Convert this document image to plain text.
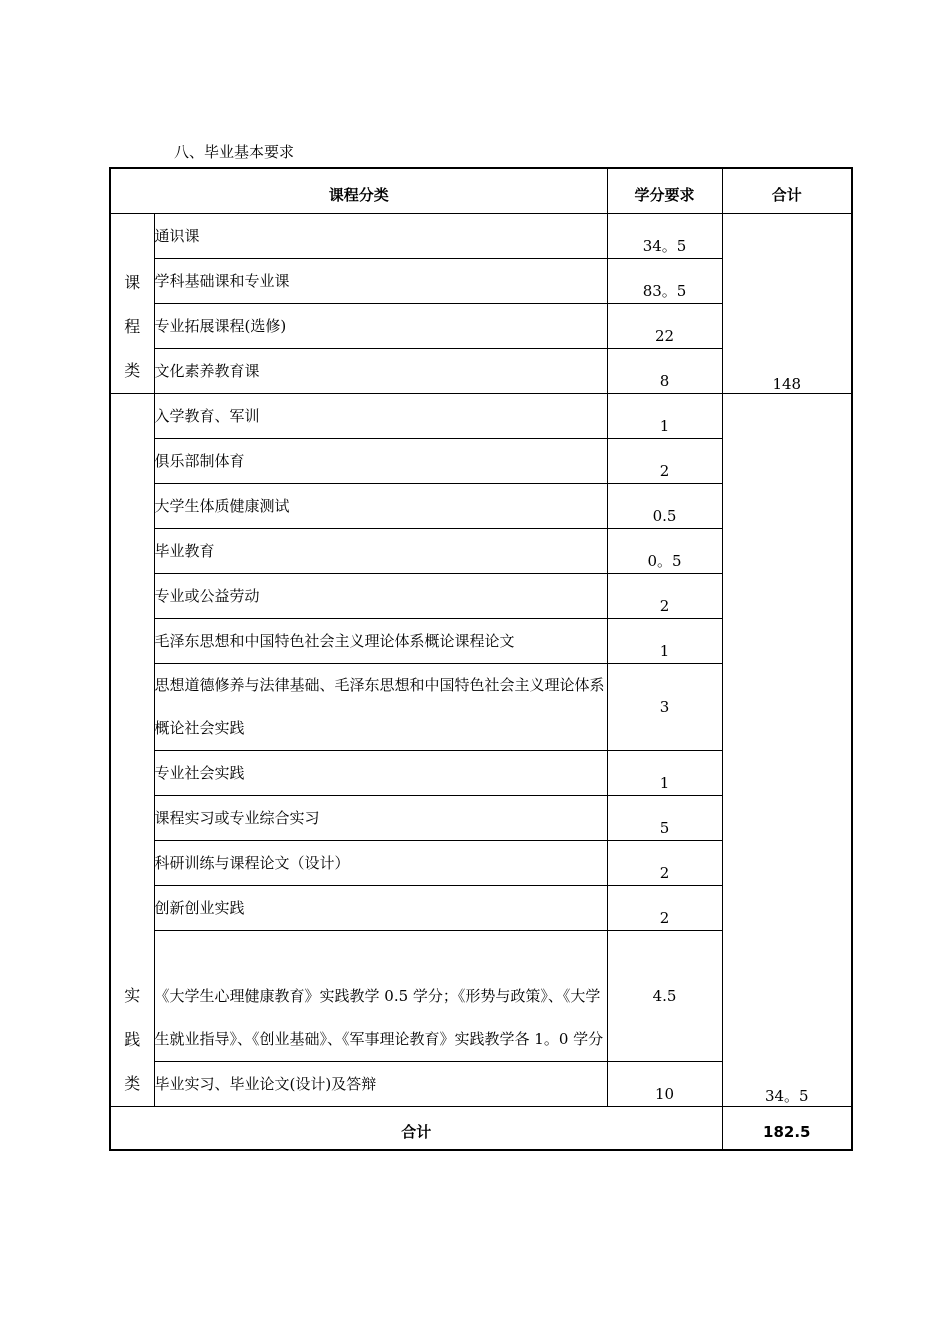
八、毕业基本要求
课程分类		学分要求	合计

课
程
类	通识课	34。5	148
	学科基础课和专业课	83。5	
	专业拓展课程(选修)	22	
	文化素养教育课	8	

实
践
类	入学教育、军训	1	34。5
	俱乐部制体育	2	
	大学生体质健康测试	0.5	
	毕业教育	0。5	
	专业或公益劳动	2	
	毛泽东思想和中国特色社会主义理论体系概论课程论文	1	
	思想道德修养与法律基础、毛泽东思想和中国特色社会主义理论体系概论社会实践	3	
	专业社会实践	1	
	课程实习或专业综合实习	5	
	科研训练与课程论文（设计）	2	
	创新创业实践	2	
	《大学生心理健康教育》实践教学 0.5 学分；《形势与政策》、《大学生就业指导》、《创业基础》、《军事理论教育》实践教学各 1。0 学分	4.5	
	毕业实习、毕业论文(设计)及答辩	10	
合计			182.5
